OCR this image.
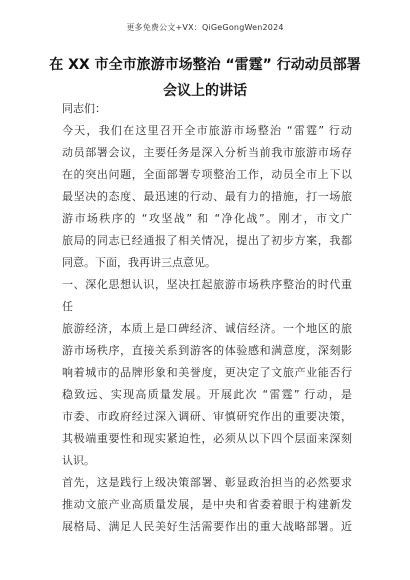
更多免费公文+VX：QiGeGongWen2024
在 XX 市全市旅游市场整治 “雷霆” 行动动员部署
会议上的讲话
同志们：
今天，我们在这里召开全市旅游市场整治 “雷霆” 行动
动员部署会议，主要任务是深入分析当前我市旅游市场存
在的突出问题，全面部署专项整治工作，动员全市上下以
最坚决的态度、最迅速的行动、最有力的措施，打一场旅
游市场秩序的 “攻坚战” 和 “净化战”。刚才，市文广
旅局的同志已经通报了相关情况，提出了初步方案，我都
同意。下面，我再讲三点意见。
一、深化思想认识，坚决扛起旅游市场秩序整治的时代重
任
旅游经济，本质上是口碑经济、诚信经济。一个地区的旅
游市场秩序，直接关系到游客的体验感和满意度，深刻影
响着城市的品牌形象和美誉度，更决定了文旅产业能否行
稳致远、实现高质量发展。开展此次 “雷霆” 行动，是
市委、市政府经过深入调研、审慎研究作出的重要决策，
其极端重要性和现实紧迫性，必须从以下四个层面来深刻
认识。
首先，这是践行上级决策部署、彰显政治担当的必然要求
推动文旅产业高质量发展，是中央和省委着眼于构建新发
展格局、满足人民美好生活需要作出的重大战略部署。近
